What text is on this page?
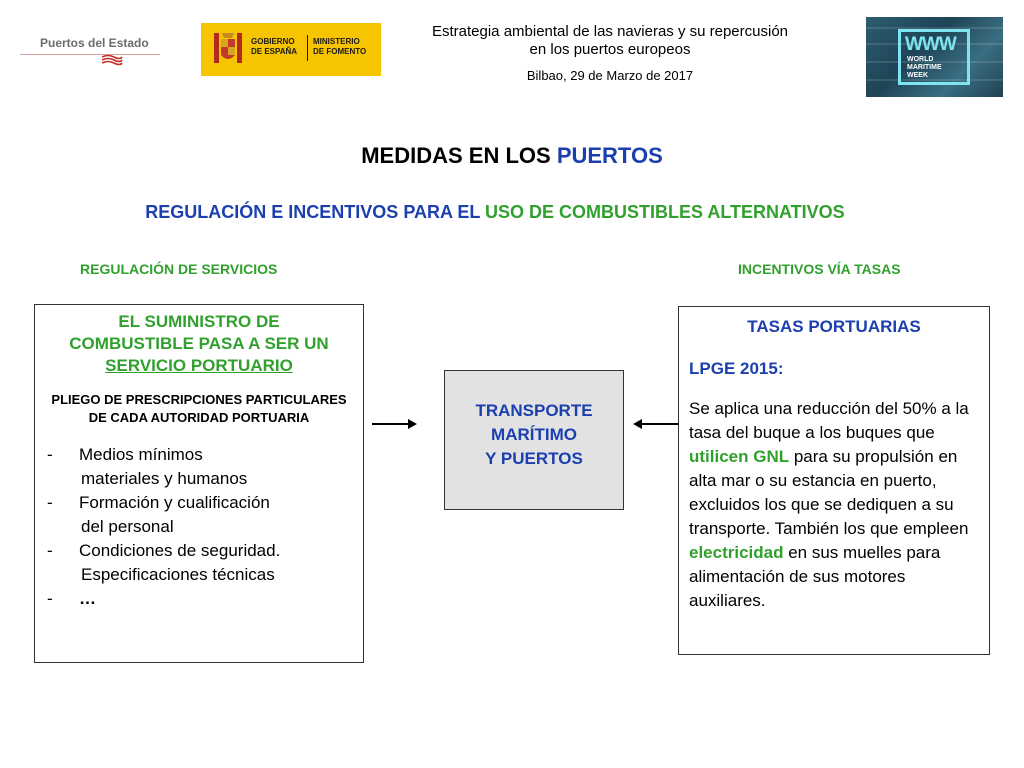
Puertos del Estado	GOBIERNO
DE ESPAÑA
MINISTERIO
DE FOMENTO
Estrategia ambiental de las navieras y su repercusión
en los puertos europeos
Bilbao, 29 de Marzo de 2017
WWW
WORLD
MARITIME
WEEK
MEDIDAS EN LOS PUERTOS
REGULACIÓN E INCENTIVOS PARA EL USO DE COMBUSTIBLES ALTERNATIVOS
REGULACIÓN DE SERVICIOS	INCENTIVOS VÍA TASAS
EL SUMINISTRO DE
COMBUSTIBLE PASA A SER UN
SERVICIO PORTUARIO
PLIEGO DE PRESCRIPCIONES PARTICULARES DE CADA AUTORIDAD PORTUARIA
- Medios mínimos
materiales y humanos
- Formación y cualificación
del personal
- Condiciones de seguridad.
Especificaciones técnicas
- …
TRANSPORTE
MARÍTIMO
Y PUERTOS
TASAS PORTUARIAS
LPGE 2015:
Se aplica una reducción del 50% a la tasa del buque a los buques que utilicen GNL para su propulsión en alta mar o su estancia en puerto, excluidos los que se dediquen a su transporte. También los que empleen electricidad en sus muelles para alimentación de sus motores auxiliares.
